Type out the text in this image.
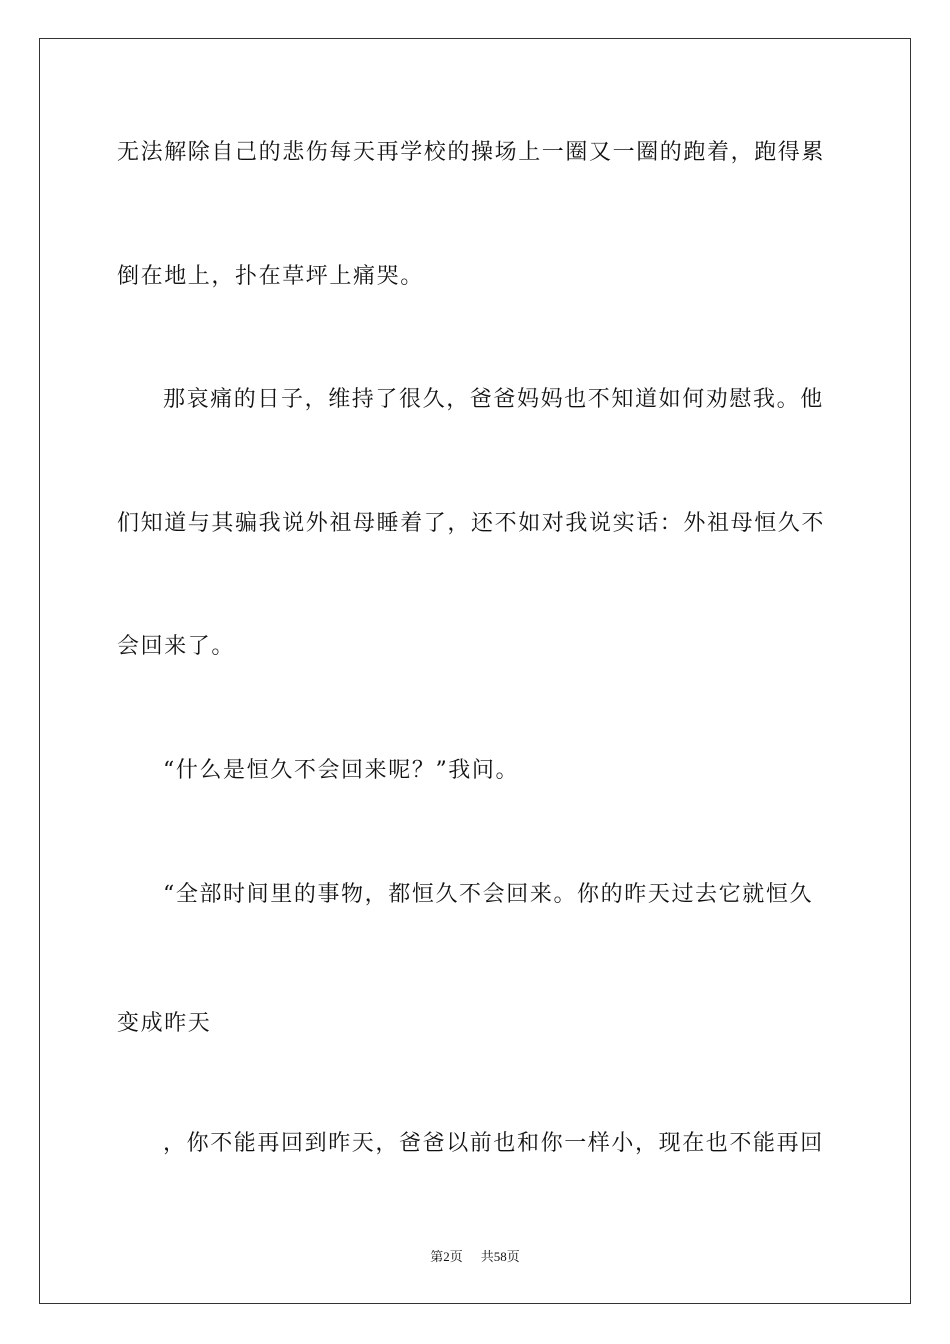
无法解除自己的悲伤每天再学校的操场上一圈又一圈的跑着，跑得累
倒在地上，扑在草坪上痛哭。
那哀痛的日子，维持了很久，爸爸妈妈也不知道如何劝慰我。他
们知道与其骗我说外祖母睡着了，还不如对我说实话：外祖母恒久不
会回来了。
“什么是恒久不会回来呢？”我问。
“全部时间里的事物，都恒久不会回来。你的昨天过去它就恒久
变成昨天
，你不能再回到昨天，爸爸以前也和你一样小，现在也不能再回
第2页 共58页
